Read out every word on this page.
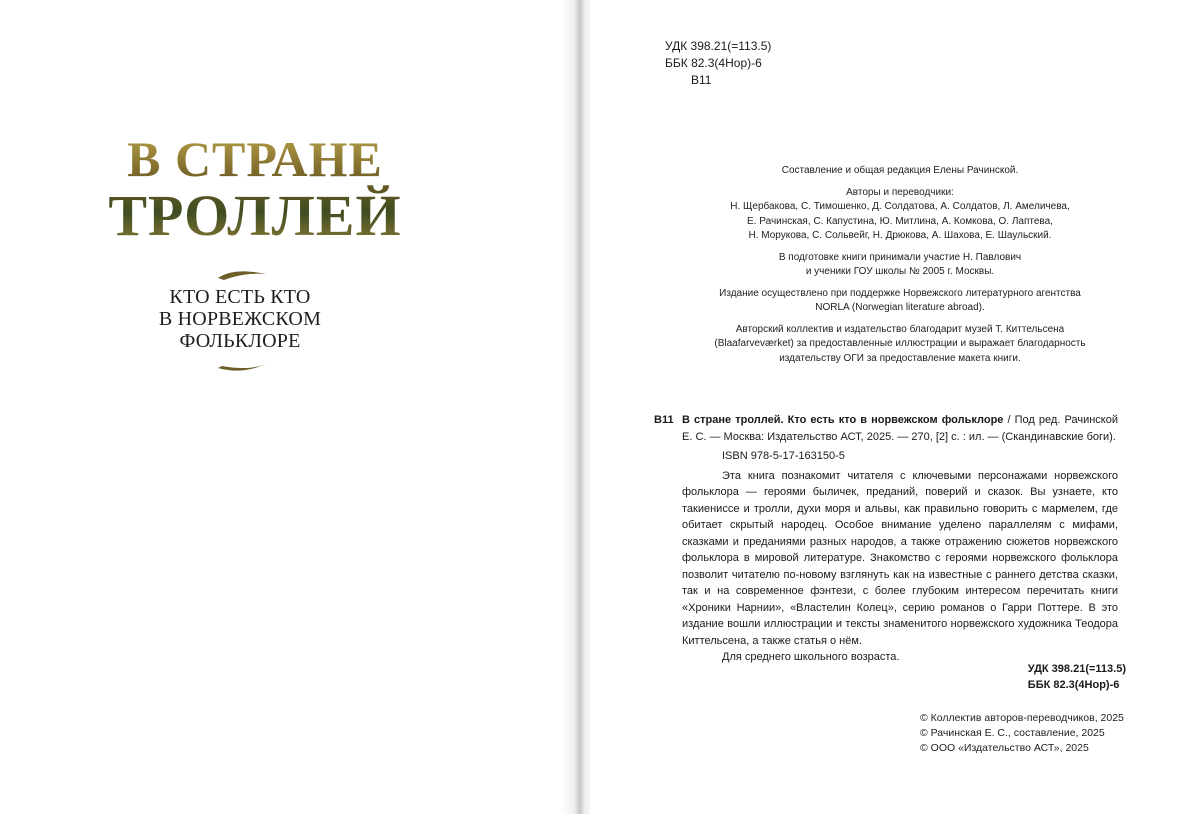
В СТРАНЕ
ТРОЛЛЕЙ
КТО ЕСТЬ КТО
В НОРВЕЖСКОМ
ФОЛЬКЛОРЕ
УДК 398.21(=113.5)
ББК 82.3(4Нор)-6
В11

Составление и общая редакция Елены Рачинской.

Авторы и переводчики:
Н. Щербакова, С. Тимошенко, Д. Солдатова, А. Солдатов, Л. Амеличева,
Е. Рачинская, С. Капустина, Ю. Митлина, А. Комкова, О. Лаптева,
Н. Морукова, С. Сольвейг, Н. Дрюкова, А. Шахова, Е. Шаульский.

В подготовке книги принимали участие Н. Павлович
и ученики ГОУ школы № 2005 г. Москвы.

Издание осуществлено при поддержке Норвежского литературного агентства
NORLA (Norwegian literature abroad).

Авторский коллектив и издательство благодарит музей Т. Киттельсена
(Blaafarveværket) за предоставленные иллюстрации и выражает благодарность
издательству ОГИ за предоставление макета книги.

В11 В стране троллей. Кто есть кто в норвежском фольклоре / Под ред. Рачинской Е. С. — Москва: Издательство АСТ, 2025. — 270, [2] с. : ил. — (Скандинавские боги).

ISBN 978-5-17-163150-5

Эта книга познакомит читателя с ключевыми персонажами норвежского фольклора — героями быличек, преданий, поверий и сказок. Вы узнаете, кто такиениссе и тролли, духи моря и альвы, как правильно говорить с мармелем, где обитает скрытый народец. Особое внимание уделено параллелям с мифами, сказками и преданиями разных народов, а также отражению сюжетов норвежского фольклора в мировой литературе. Знакомство с героями норвежского фольклора позволит читателю по-новому взглянуть как на известные с раннего детства сказки, так и на современное фэнтези, с более глубоким интересом перечитать книги «Хроники Нарнии», «Властелин Колец», серию романов о Гарри Поттере. В это издание вошли иллюстрации и тексты знаменитого норвежского художника Теодора Киттельсена, а также статья о нём.

Для среднего школьного возраста.

УДК 398.21(=113.5)
ББК 82.3(4Нор)-6
© Коллектив авторов-переводчиков, 2025
© Рачинская Е. С., составление, 2025
© ООО «Издательство АСТ», 2025
